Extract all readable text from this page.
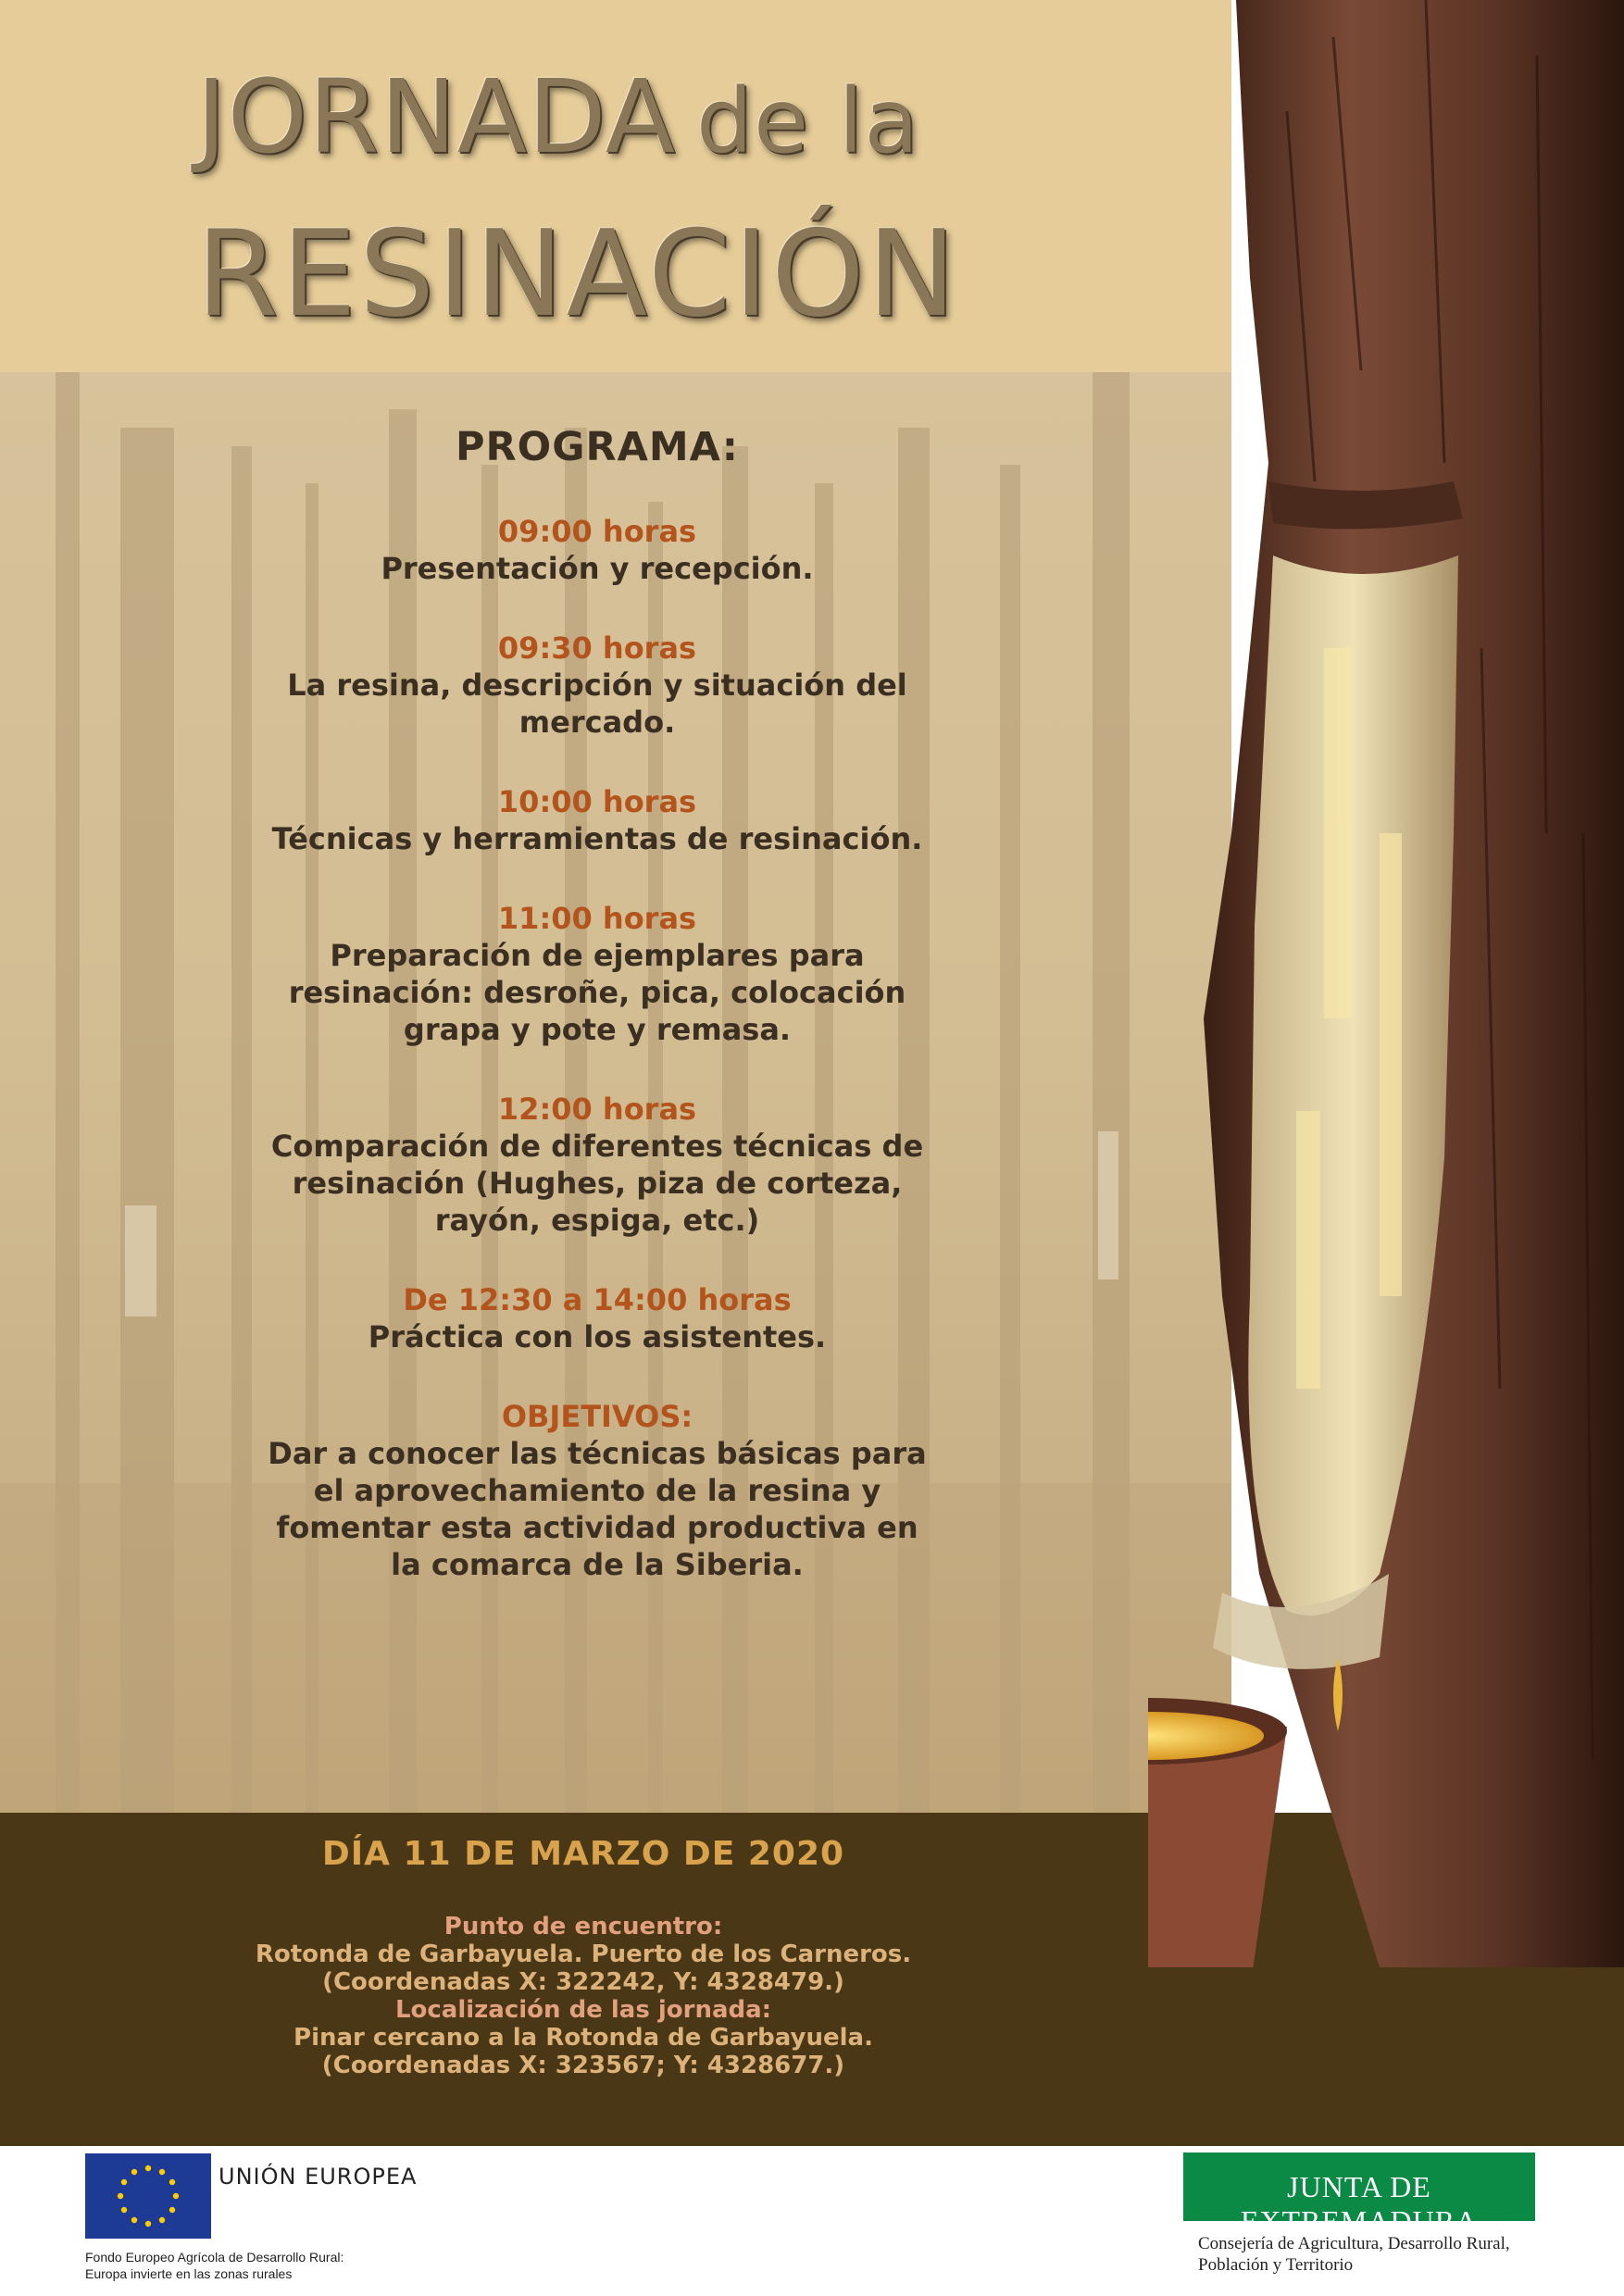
JORNADA de la
RESINACIÓN
PROGRAMA:
09:00 horas
Presentación y recepción.
09:30 horas
La resina, descripción y situación del mercado.
10:00 horas
Técnicas y herramientas de resinación.
11:00 horas
Preparación de ejemplares para resinación: desroñe, pica, colocación grapa y pote y remasa.
12:00 horas
Comparación de diferentes técnicas de resinación (Hughes, piza de corteza, rayón, espiga, etc.)
De 12:30 a 14:00 horas
Práctica con los asistentes.
OBJETIVOS:
Dar a conocer las técnicas básicas para el aprovechamiento de la resina y fomentar esta actividad productiva en la comarca de la Siberia.
DÍA 11 DE MARZO DE 2020
Punto de encuentro:
Rotonda de Garbayuela. Puerto de los Carneros.
(Coordenadas X: 322242, Y: 4328479.)
Localización de las jornada:
Pinar cercano a la Rotonda de Garbayuela.
(Coordenadas X: 323567; Y: 4328677.)
UNIÓN EUROPEA
Fondo Europeo Agrícola de Desarrollo Rural:
Europa invierte en las zonas rurales
JUNTA DE EXTREMADURA
Consejería de Agricultura, Desarrollo Rural,
Población y Territorio
